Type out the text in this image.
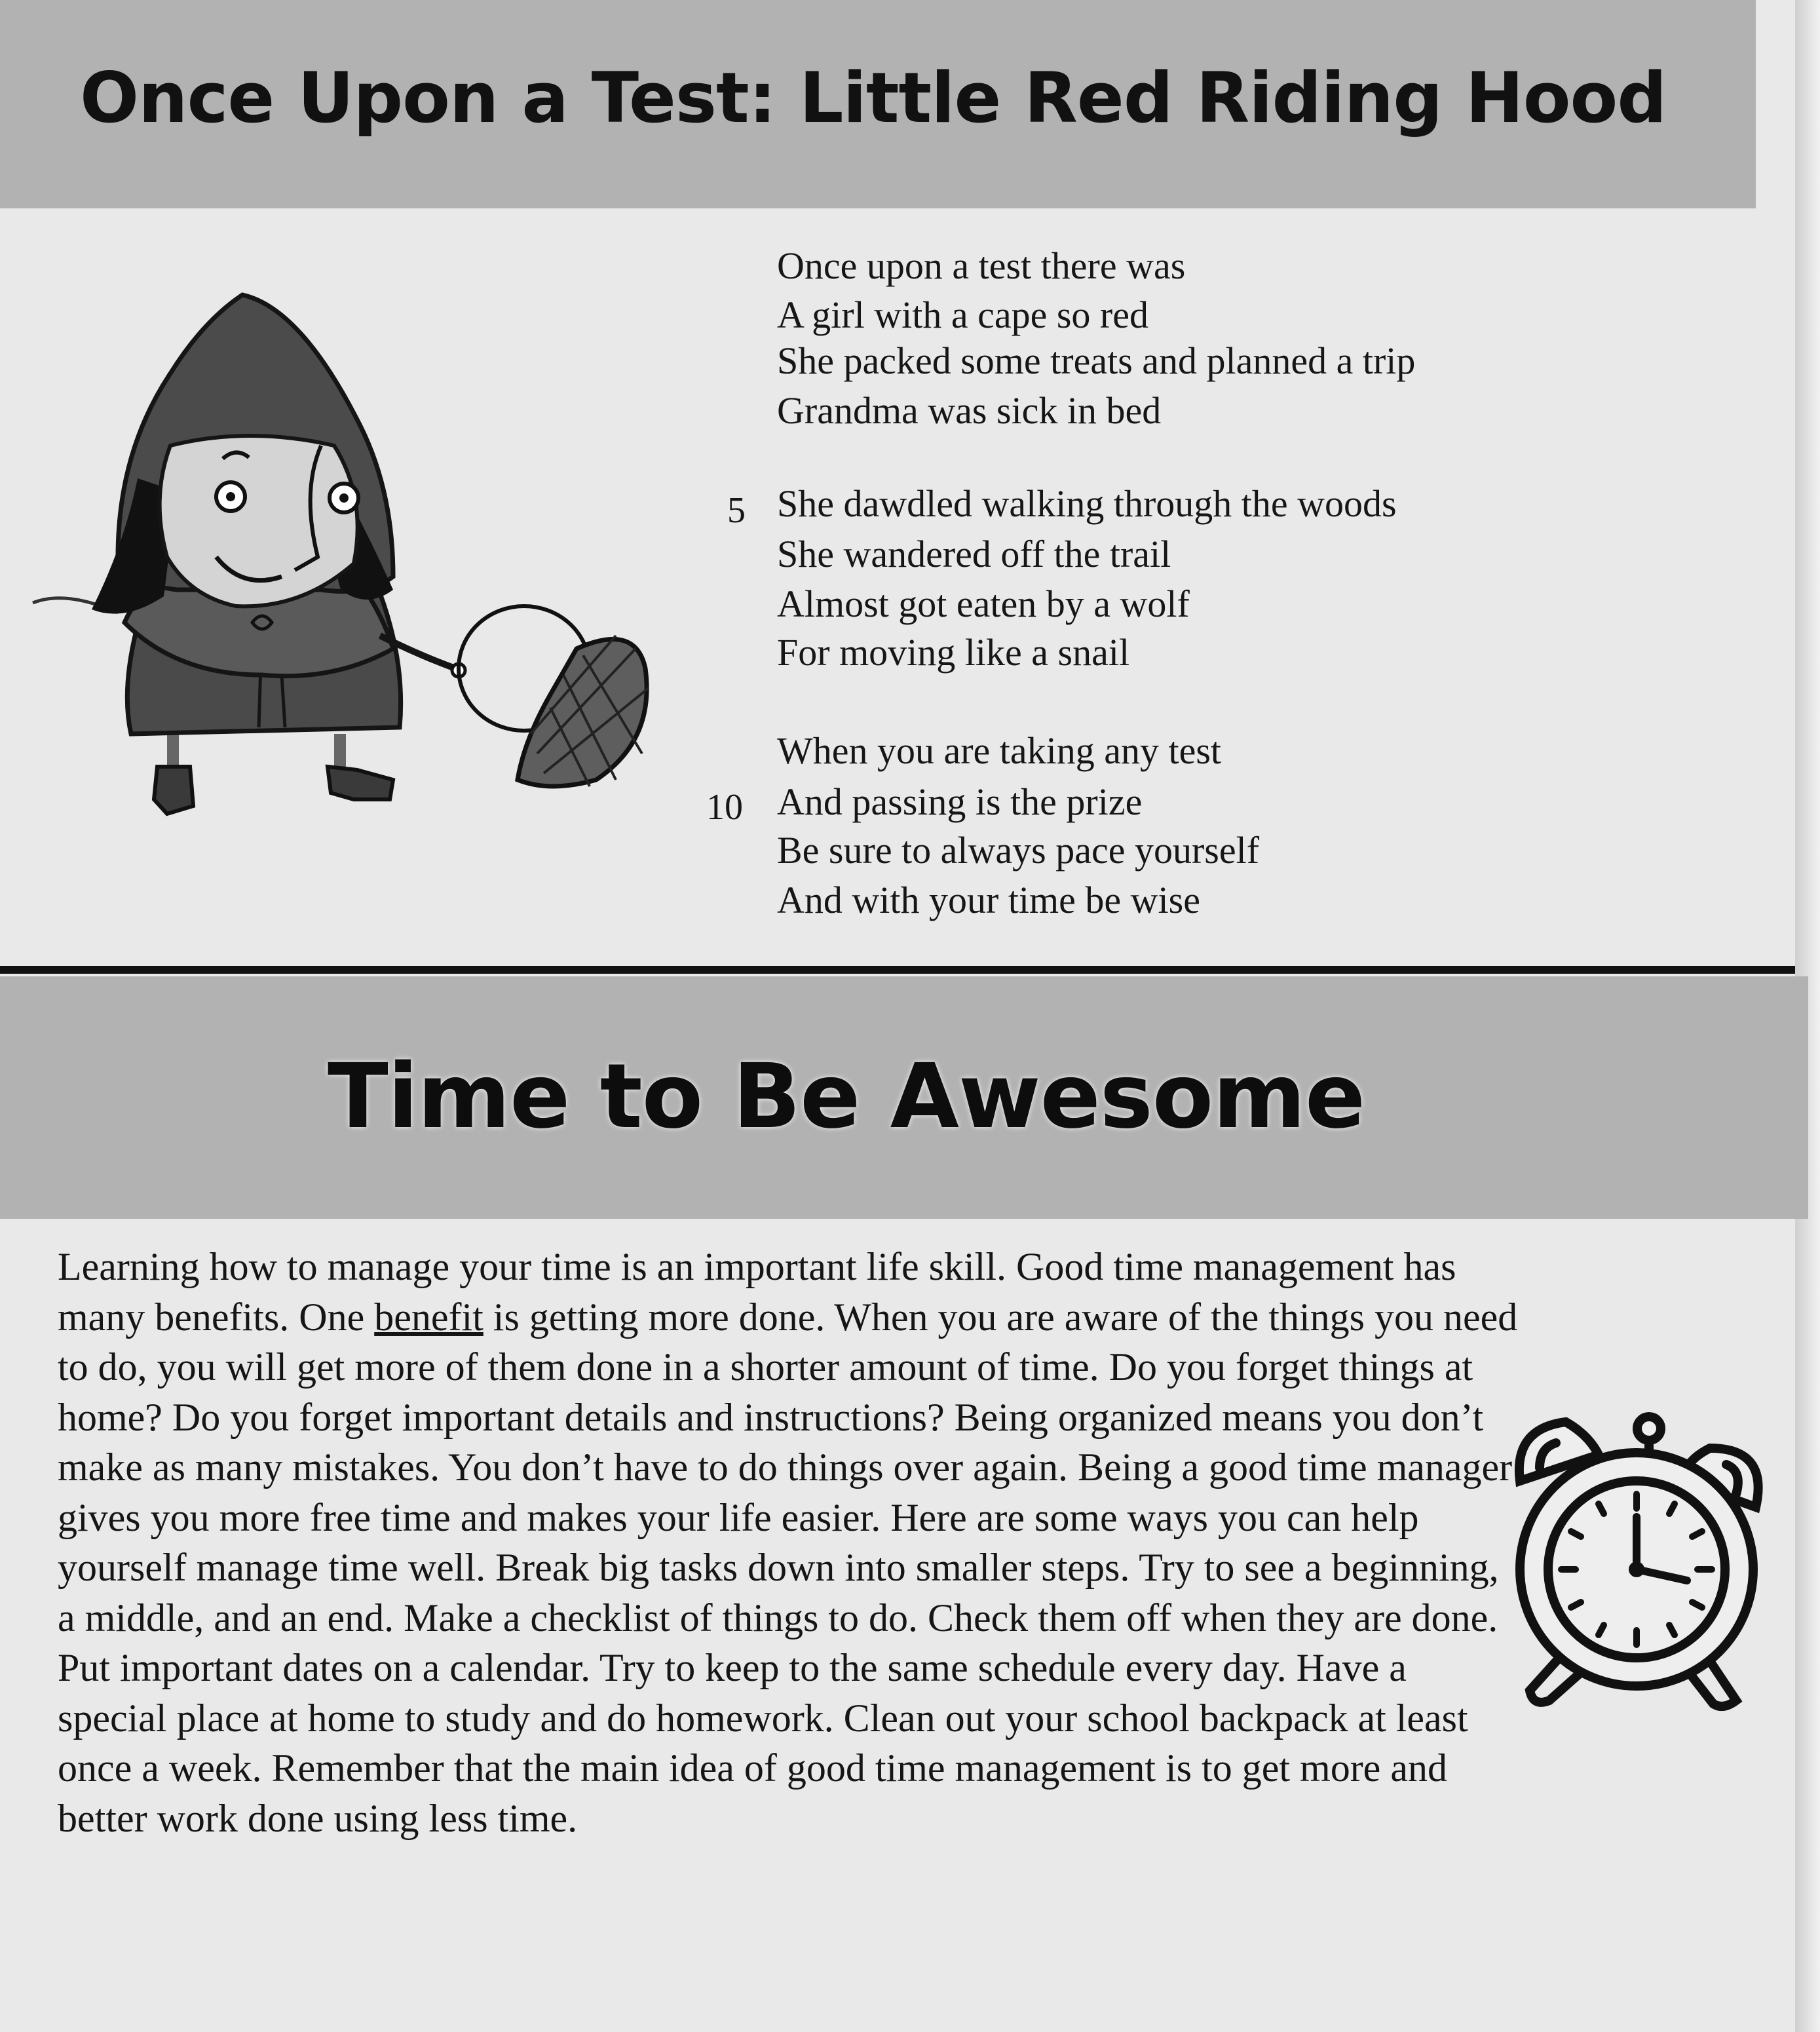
Once Upon a Test: Little Red Riding Hood

Once upon a test there was

A girl with a cape so red

She packed some treats and planned a trip

Grandma was sick in bed

5 She dawdled walking through the woods

She wandered off the trail

Almost got eaten by a wolf

For moving like a snail

When you are taking any test

10 And passing is the prize

Be sure to always pace yourself

And with your time be wise

Time to Be Awesome

Learning how to manage your time is an important life skill. Good time management has many benefits. One benefit is getting more done. When you are aware of the things you need to do, you will get more of them done in a shorter amount of time. Do you forget things at home? Do you forget important details and instructions? Being organized means you don’t make as many mistakes. You don’t have to do things over again. Being a good time manager gives you more free time and makes your life easier. Here are some ways you can help yourself manage time well. Break big tasks down into smaller steps. Try to see a beginning, a middle, and an end. Make a checklist of things to do. Check them off when they are done. Put important dates on a calendar. Try to keep to the same schedule every day. Have a special place at home to study and do homework. Clean out your school backpack at least once a week. Remember that the main idea of good time management is to get more and better work done using less time.
